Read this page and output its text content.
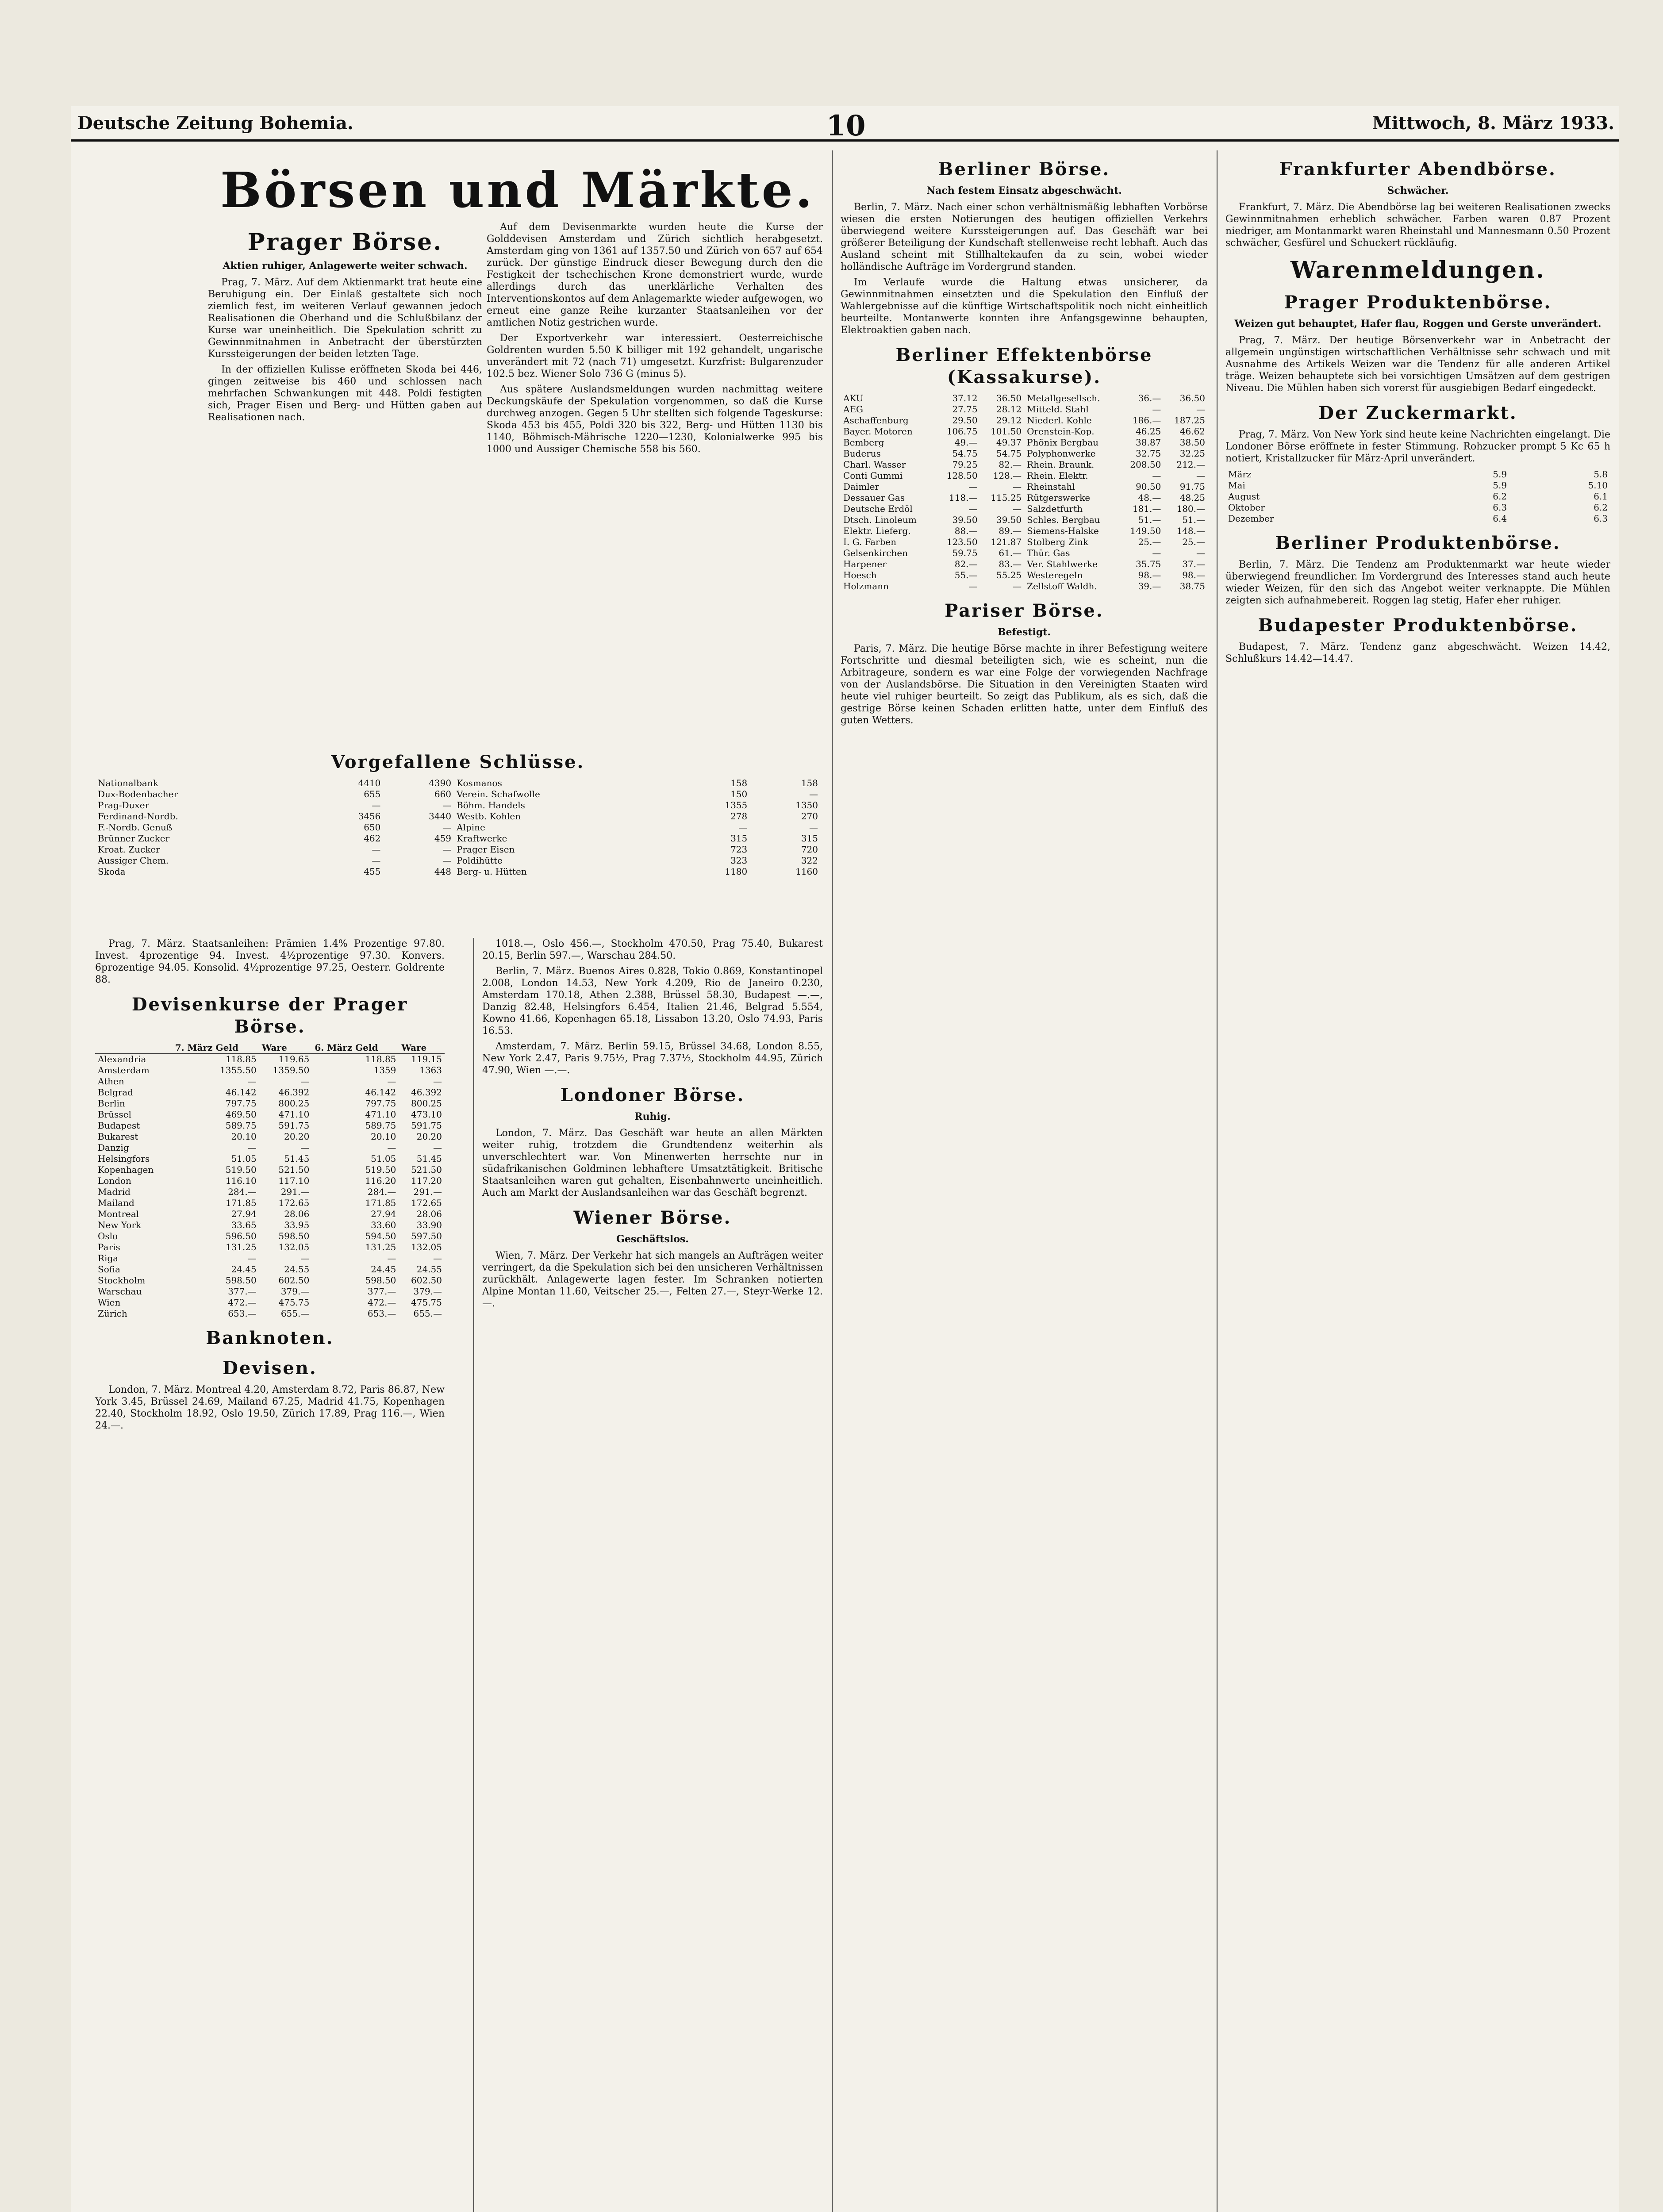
Deutsche Zeitung Bohemia.	10	Mittwoch, 8. März 1933.
Prager Börse.
Aktien ruhiger, Anlagewerte weiter schwach.

Prag, 7. März. Auf dem Aktienmarkt trat heute eine Beruhigung ein. Der Einlaß gestaltete sich noch ziemlich fest, im weiteren Verlauf gewannen jedoch Realisationen die Oberhand und die Schlußbilanz der Kurse war uneinheitlich. Die Spekulation schritt zu Gewinnmitnahmen in Anbetracht der überstürzten Kurssteigerungen der beiden letzten Tage.

In der offiziellen Kulisse eröffneten Skoda bei 446, gingen zeitweise bis 460 und schlossen nach mehrfachen Schwankungen mit 448. Poldi festigten sich, Prager Eisen und Berg- und Hütten gaben auf Realisationen nach.

Börsen und Märkte.

Auf dem Devisenmarkte wurden heute die Kurse der Golddevisen Amsterdam und Zürich sichtlich herabgesetzt. Amsterdam ging von 1361 auf 1357.50 und Zürich von 657 auf 654 zurück. Der günstige Eindruck dieser Bewegung durch den die Festigkeit der tschechischen Krone demonstriert wurde, wurde allerdings durch das unerklärliche Verhalten des Interventionskontos auf dem Anlagemarkte wieder aufgewogen, wo erneut eine ganze Reihe kurzanter Staatsanleihen vor der amtlichen Notiz gestrichen wurde.

Der Exportverkehr war interessiert. Oesterreichische Goldrenten wurden 5.50 K billiger mit 192 gehandelt, ungarische unverändert mit 72 (nach 71) umgesetzt. Kurzfrist: Bulgarenzuder 102.5 bez. Wiener Solo 736 G (minus 5).

Aus spätere Auslandsmeldungen wurden nachmittag weitere Deckungskäufe der Spekulation vorgenommen, so daß die Kurse durchweg anzogen. Gegen 5 Uhr stellten sich folgende Tageskurse: Skoda 453 bis 455, Poldi 320 bis 322, Berg- und Hütten 1130 bis 1140, Böhmisch-Mährische 1220—1230, Kolonialwerke 995 bis 1000 und Aussiger Chemische 558 bis 560.

Vorgefallene Schlüsse.
Nationalbank	4410	4390	Kosmanos	158	158
Dux-Bodenbacher	655	660	Verein. Schafwolle	150	—
Prag-Duxer	—	—	Böhm. Handels	1355	1350
Ferdinand-Nordb.	3456	3440	Westb. Kohlen	278	270
F.-Nordb. Genuß	650	—	Alpine	—	—
Brünner Zucker	462	459	Kraftwerke	315	315
Kroat. Zucker	—	—	Prager Eisen	723	720
Aussiger Chem.	—	—	Poldihütte	323	322
Skoda	455	448	Berg- u. Hütten	1180	1160

Prag, 7. März. Staatsanleihen: Prämien 1.4% Prozentige 97.80. Invest. 4prozentige 94. Invest. 4½prozentige 97.30. Konvers. 6prozentige 94.05. Konsolid. 4½prozentige 97.25, Oesterr. Goldrente 88.

Devisenkurse der Prager Börse.
	7. März Geld	Ware	6. März Geld	Ware
Alexandria	118.85	119.65	118.85	119.15
Amsterdam	1355.50	1359.50	1359	1363
Athen	—	—	—	—
Belgrad	46.142	46.392	46.142	46.392
Berlin	797.75	800.25	797.75	800.25
Brüssel	469.50	471.10	471.10	473.10
Budapest	589.75	591.75	589.75	591.75
Bukarest	20.10	20.20	20.10	20.20
Danzig	—	—	—	—
Helsingfors	51.05	51.45	51.05	51.45
Kopenhagen	519.50	521.50	519.50	521.50
London	116.10	117.10	116.20	117.20
Madrid	284.—	291.—	284.—	291.—
Mailand	171.85	172.65	171.85	172.65
Montreal	27.94	28.06	27.94	28.06
New York	33.65	33.95	33.60	33.90
Oslo	596.50	598.50	594.50	597.50
Paris	131.25	132.05	131.25	132.05
Riga	—	—	—	—
Sofia	24.45	24.55	24.45	24.55
Stockholm	598.50	602.50	598.50	602.50
Warschau	377.—	379.—	377.—	379.—
Wien	472.—	475.75	472.—	475.75
Zürich	653.—	655.—	653.—	655.—
Banknoten.
Devisen.

London, 7. März. Montreal 4.20, Amsterdam 8.72, Paris 86.87, New York 3.45, Brüssel 24.69, Mailand 67.25, Madrid 41.75, Kopenhagen 22.40, Stockholm 18.92, Oslo 19.50, Zürich 17.89, Prag 116.—, Wien 24.—.

1018.—, Oslo 456.—, Stockholm 470.50, Prag 75.40, Bukarest 20.15, Berlin 597.—, Warschau 284.50.

Berlin, 7. März. Buenos Aires 0.828, Tokio 0.869, Konstantinopel 2.008, London 14.53, New York 4.209, Rio de Janeiro 0.230, Amsterdam 170.18, Athen 2.388, Brüssel 58.30, Budapest —.—, Danzig 82.48, Helsingfors 6.454, Italien 21.46, Belgrad 5.554, Kowno 41.66, Kopenhagen 65.18, Lissabon 13.20, Oslo 74.93, Paris 16.53.

Amsterdam, 7. März. Berlin 59.15, Brüssel 34.68, London 8.55, New York 2.47, Paris 9.75½, Prag 7.37½, Stockholm 44.95, Zürich 47.90, Wien —.—.

Londoner Börse.
Ruhig.

London, 7. März. Das Geschäft war heute an allen Märkten weiter ruhig, trotzdem die Grundtendenz weiterhin als unverschlechtert war. Von Minenwerten herrschte nur in südafrikanischen Goldminen lebhaftere Umsatztätigkeit. Britische Staatsanleihen waren gut gehalten, Eisenbahnwerte uneinheitlich. Auch am Markt der Auslandsanleihen war das Geschäft begrenzt.

Wiener Börse.
Geschäftslos.

Wien, 7. März. Der Verkehr hat sich mangels an Aufträgen weiter verringert, da die Spekulation sich bei den unsicheren Verhältnissen zurückhält. Anlagewerte lagen fester. Im Schranken notierten Alpine Montan 11.60, Veitscher 25.—, Felten 27.—, Steyr-Werke 12.—.

Berliner Börse.
Nach festem Einsatz abgeschwächt.

Berlin, 7. März. Nach einer schon verhältnismäßig lebhaften Vorbörse wiesen die ersten Notierungen des heutigen offiziellen Verkehrs überwiegend weitere Kurssteigerungen auf. Das Geschäft war bei größerer Beteiligung der Kundschaft stellenweise recht lebhaft. Auch das Ausland scheint mit Stillhaltekaufen da zu sein, wobei wieder holländische Aufträge im Vordergrund standen.

Im Verlaufe wurde die Haltung etwas unsicherer, da Gewinnmitnahmen einsetzten und die Spekulation den Einfluß der Wahlergebnisse auf die künftige Wirtschaftspolitik noch nicht einheitlich beurteilte. Montanwerte konnten ihre Anfangsgewinne behaupten, Elektroaktien gaben nach.

Berliner Effektenbörse (Kassakurse).
AKU	37.12	36.50	Metallgesellsch.	36.—	36.50
AEG	27.75	28.12	Mitteld. Stahl	—	—
Aschaffenburg	29.50	29.12	Niederl. Kohle	186.—	187.25
Bayer. Motoren	106.75	101.50	Orenstein-Kop.	46.25	46.62
Bemberg	49.—	49.37	Phönix Bergbau	38.87	38.50
Buderus	54.75	54.75	Polyphonwerke	32.75	32.25
Charl. Wasser	79.25	82.—	Rhein. Braunk.	208.50	212.—
Conti Gummi	128.50	128.—	Rhein. Elektr.	—	—
Daimler	—	—	Rheinstahl	90.50	91.75
Dessauer Gas	118.—	115.25	Rütgerswerke	48.—	48.25
Deutsche Erdöl	—	—	Salzdetfurth	181.—	180.—
Dtsch. Linoleum	39.50	39.50	Schles. Bergbau	51.—	51.—
Elektr. Lieferg.	88.—	89.—	Siemens-Halske	149.50	148.—
I. G. Farben	123.50	121.87	Stolberg Zink	25.—	25.—
Gelsenkirchen	59.75	61.—	Thür. Gas	—	—
Harpener	82.—	83.—	Ver. Stahlwerke	35.75	37.—
Hoesch	55.—	55.25	Westeregeln	98.—	98.—
Holzmann	—	—	Zellstoff Waldh.	39.—	38.75
Pariser Börse.
Befestigt.

Paris, 7. März. Die heutige Börse machte in ihrer Befestigung weitere Fortschritte und diesmal beteiligten sich, wie es scheint, nun die Arbitrageure, sondern es war eine Folge der vorwiegenden Nachfrage von der Auslandsbörse. Die Situation in den Vereinigten Staaten wird heute viel ruhiger beurteilt. So zeigt das Publikum, als es sich, daß die gestrige Börse keinen Schaden erlitten hatte, unter dem Einfluß des guten Wetters.

Frankfurter Abendbörse.
Schwächer.

Frankfurt, 7. März. Die Abendbörse lag bei weiteren Realisationen zwecks Gewinnmitnahmen erheblich schwächer. Farben waren 0.87 Prozent niedriger, am Montanmarkt waren Rheinstahl und Mannesmann 0.50 Prozent schwächer, Gesfürel und Schuckert rückläufig.

Warenmeldungen.
Prager Produktenbörse.
Weizen gut behauptet, Hafer flau, Roggen und Gerste unverändert.

Prag, 7. März. Der heutige Börsenverkehr war in Anbetracht der allgemein ungünstigen wirtschaftlichen Verhältnisse sehr schwach und mit Ausnahme des Artikels Weizen war die Tendenz für alle anderen Artikel träge. Weizen behauptete sich bei vorsichtigen Umsätzen auf dem gestrigen Niveau. Die Mühlen haben sich vorerst für ausgiebigen Bedarf eingedeckt.

Der Zuckermarkt.

Prag, 7. März. Von New York sind heute keine Nachrichten eingelangt. Die Londoner Börse eröffnete in fester Stimmung. Rohzucker prompt 5 Kc 65 h notiert, Kristallzucker für März-April unverändert.

März	5.9	5.8
Mai	5.9	5.10
August	6.2	6.1
Oktober	6.3	6.2
Dezember	6.4	6.3
Berliner Produktenbörse.

Berlin, 7. März. Die Tendenz am Produktenmarkt war heute wieder überwiegend freundlicher. Im Vordergrund des Interesses stand auch heute wieder Weizen, für den sich das Angebot weiter verknappte. Die Mühlen zeigten sich aufnahmebereit. Roggen lag stetig, Hafer eher ruhiger.

Budapester Produktenbörse.

Budapest, 7. März. Tendenz ganz abgeschwächt. Weizen 14.42, Schlußkurs 14.42—14.47.
